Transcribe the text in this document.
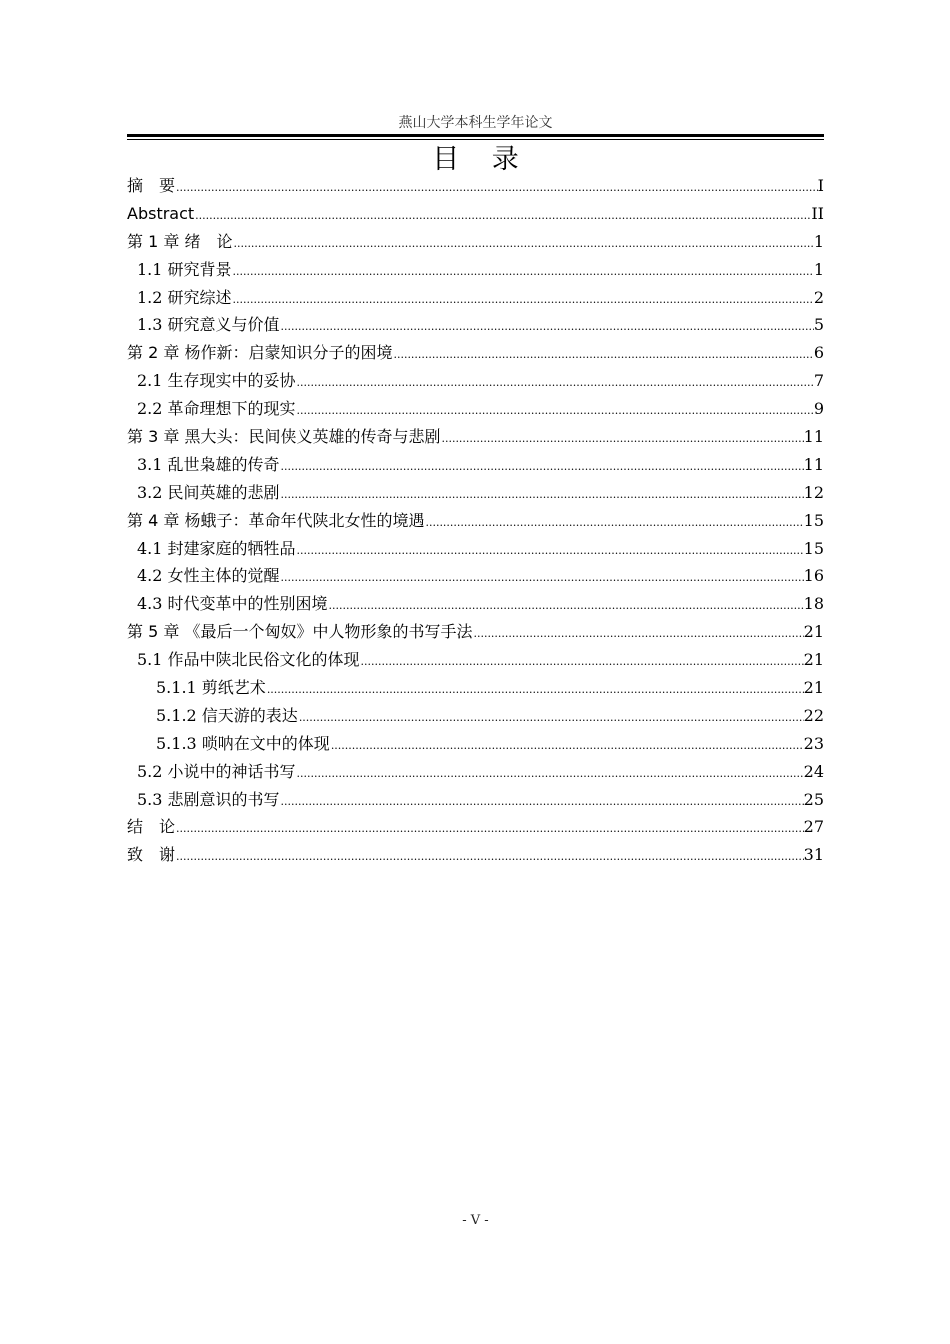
燕山大学本科生学年论文
目 录
摘　要 .....	I
Abstract .....	II
第 1 章 绪　论 .....	1
1.1 研究背景 .....	1
1.2 研究综述 .....	2
1.3 研究意义与价值 .....	5
第 2 章 杨作新：启蒙知识分子的困境 .....	6
2.1 生存现实中的妥协 .....	7
2.2 革命理想下的现实 .....	9
第 3 章 黑大头：民间侠义英雄的传奇与悲剧 .....	11
3.1 乱世枭雄的传奇 .....	11
3.2 民间英雄的悲剧 .....	12
第 4 章 杨蛾子：革命年代陕北女性的境遇 .....	15
4.1 封建家庭的牺牲品 .....	15
4.2 女性主体的觉醒 .....	16
4.3 时代变革中的性别困境 .....	18
第 5 章 《最后一个匈奴》中人物形象的书写手法 .....	21
5.1 作品中陕北民俗文化的体现 .....	21
5.1.1 剪纸艺术 .....	21
5.1.2 信天游的表达 .....	22
5.1.3 唢呐在文中的体现 .....	23
5.2 小说中的神话书写 .....	24
5.3 悲剧意识的书写 .....	25
结　论 .....	27
致　谢 .....	31
- V -
